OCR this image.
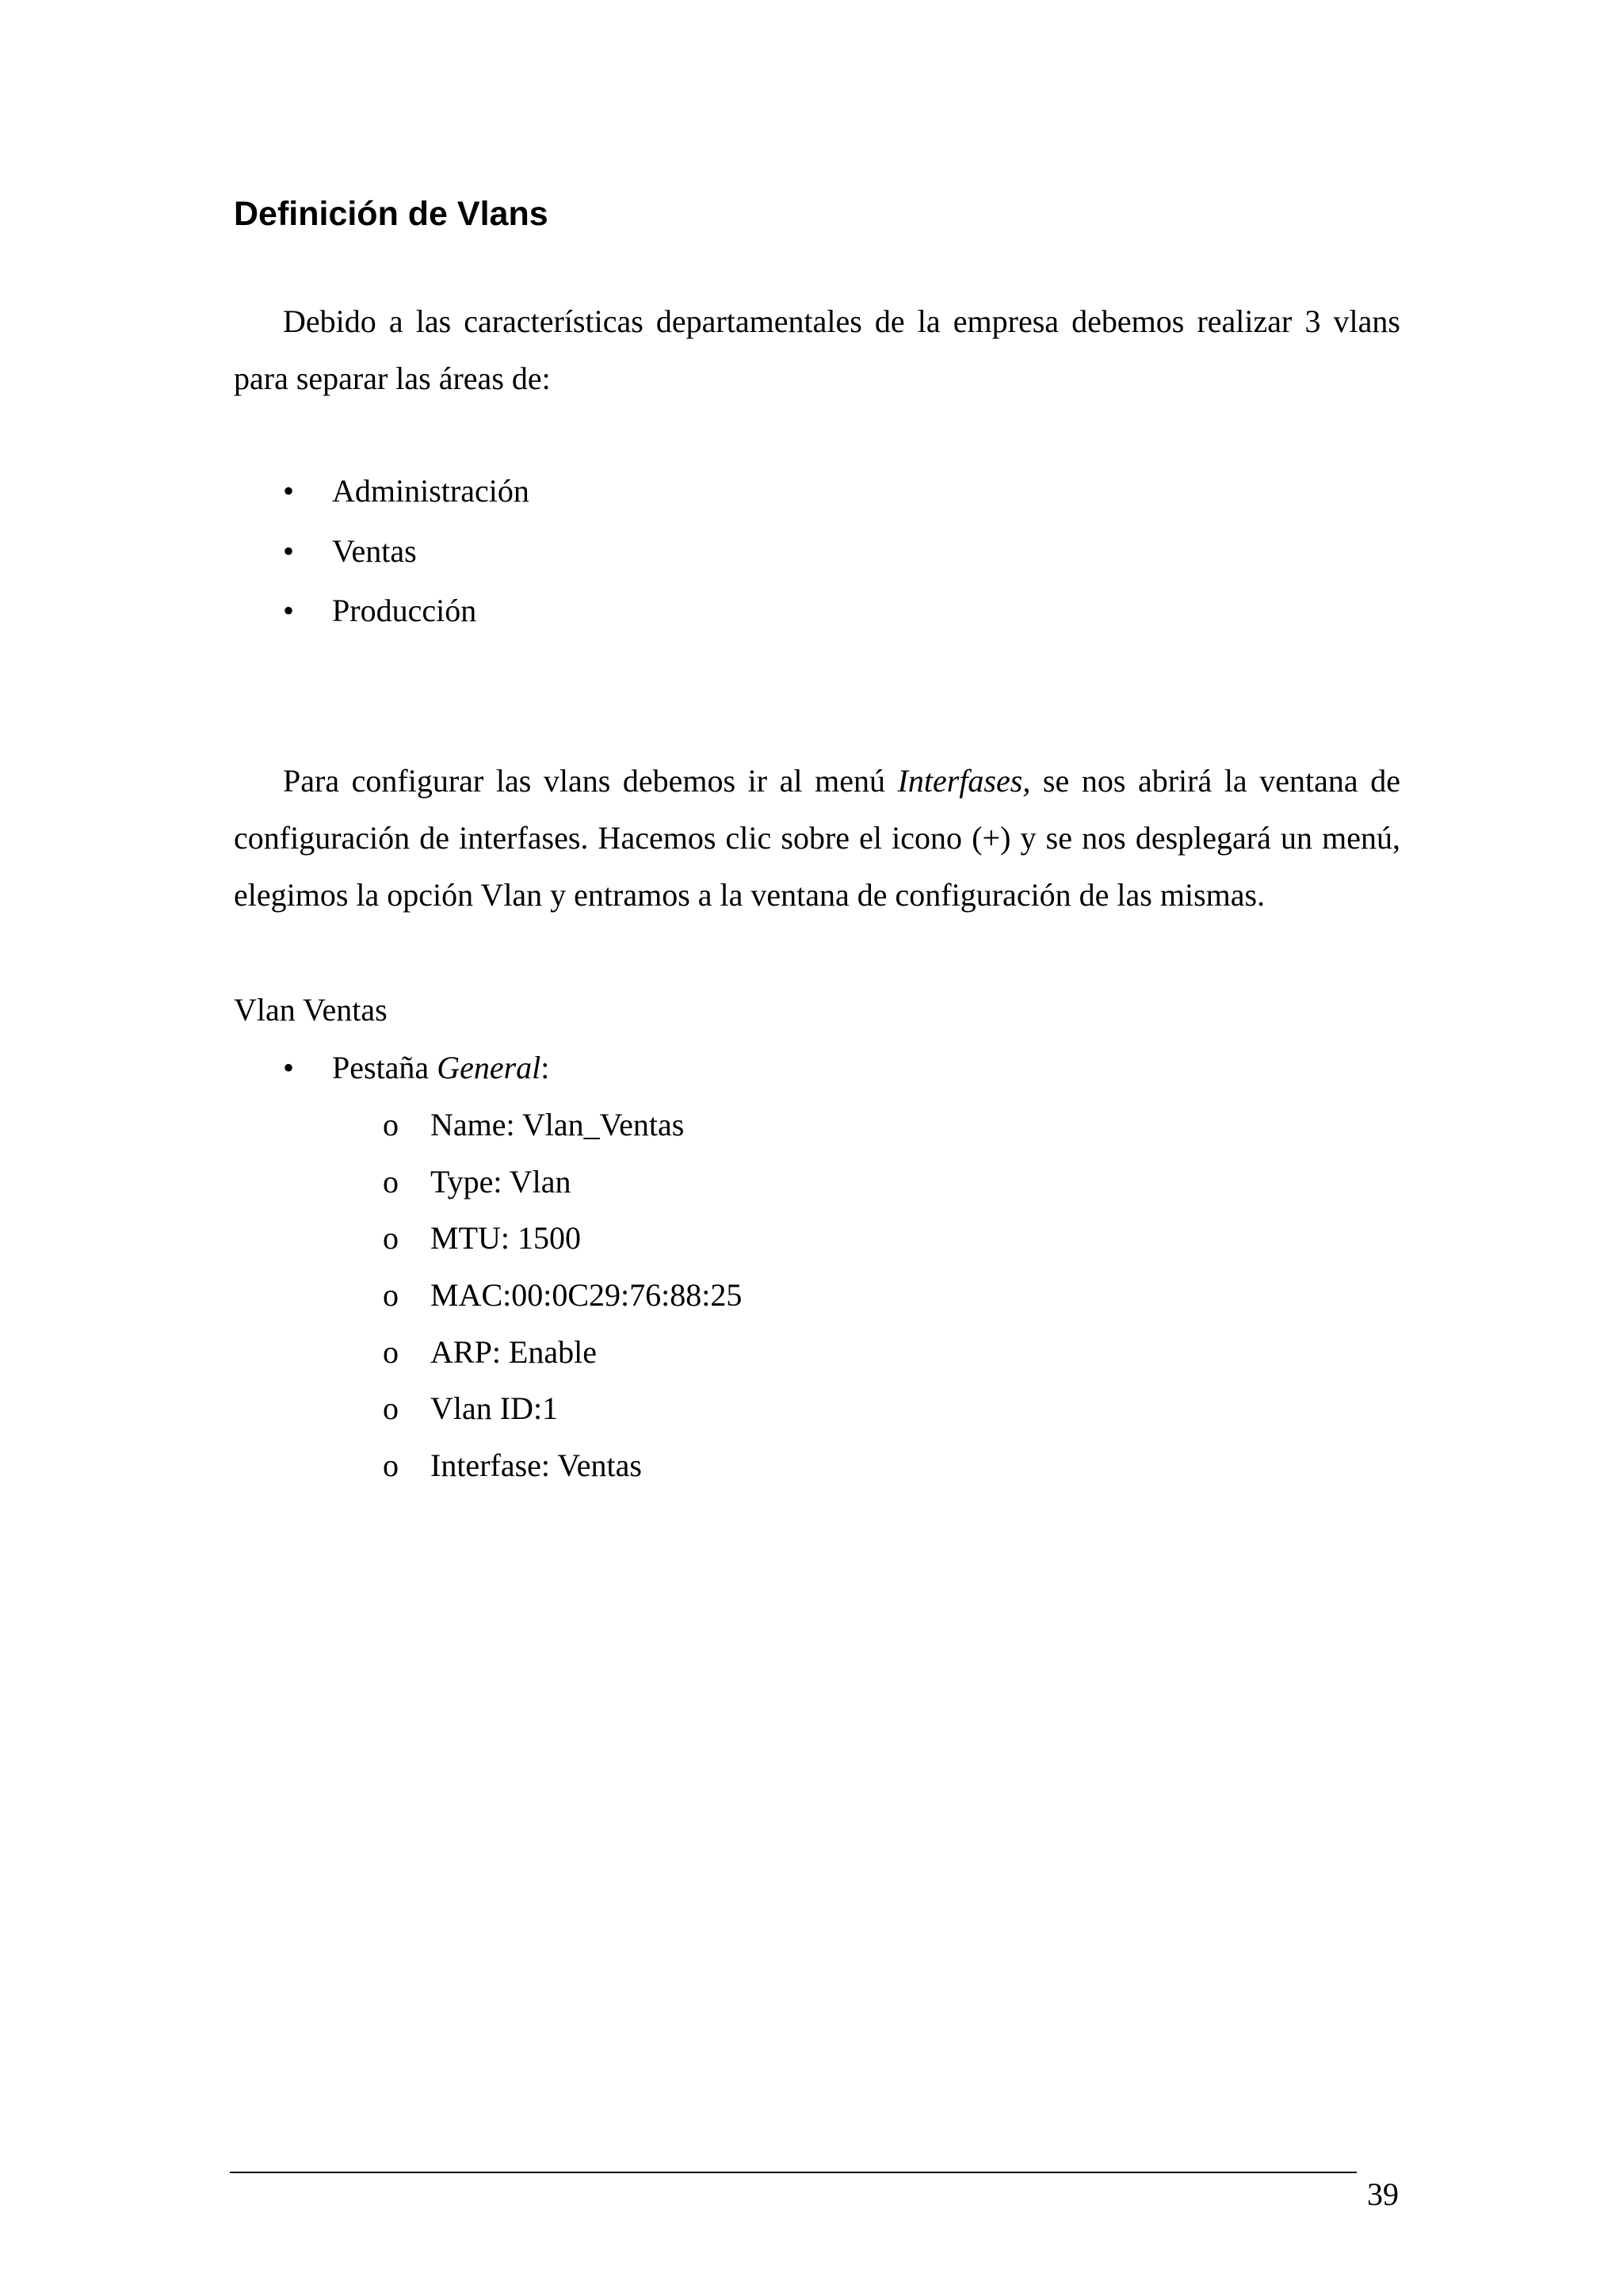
Definición de Vlans

Debido a las características departamentales de la empresa debemos realizar 3 vlans para separar las áreas de:

• Administración
• Ventas
• Producción

Para configurar las vlans debemos ir al menú Interfases, se nos abrirá la ventana de configuración de interfases. Hacemos clic sobre el icono (+) y se nos desplegará un menú, elegimos la opción Vlan y entramos a la ventana de configuración de las mismas.

Vlan Ventas
• Pestaña General:
o Name: Vlan_Ventas
o Type: Vlan
o MTU: 1500
o MAC:00:0C29:76:88:25
o ARP: Enable
o Vlan ID:1
o Interfase: Ventas
39
